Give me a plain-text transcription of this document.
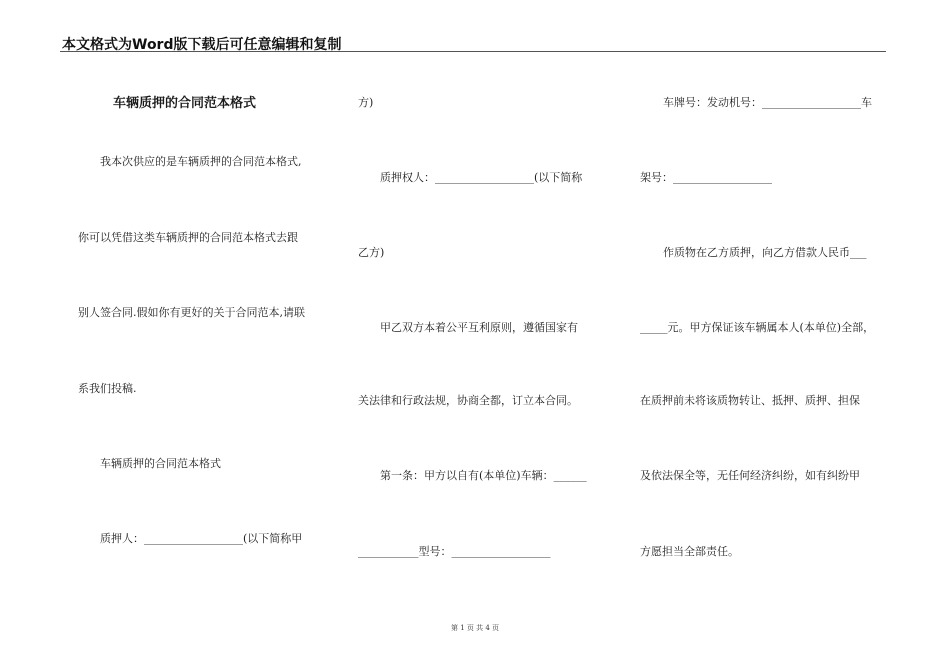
本文格式为Word版下载后可任意编辑和复制
车辆质押的合同范本格式
我本次供应的是车辆质押的合同范本格式,
你可以凭借这类车辆质押的合同范本格式去跟
别人签合同.假如你有更好的关于合同范本,请联
系我们投稿.
车辆质押的合同范本格式
质押人：__________________(以下简称甲
方)
质押权人：__________________(以下简称
乙方)
甲乙双方本着公平互利原则，遵循国家有
关法律和行政法规，协商全都，订立本合同。
第一条：甲方以自有(本单位)车辆：______
___________型号：__________________
车牌号：发动机号：__________________车
架号：__________________
作质物在乙方质押，向乙方借款人民币___
_____元。甲方保证该车辆属本人(本单位)全部，
在质押前未将该质物转让、抵押、质押、担保
及依法保全等，无任何经济纠纷，如有纠纷甲
方愿担当全部责任。
第 1 页 共 4 页
